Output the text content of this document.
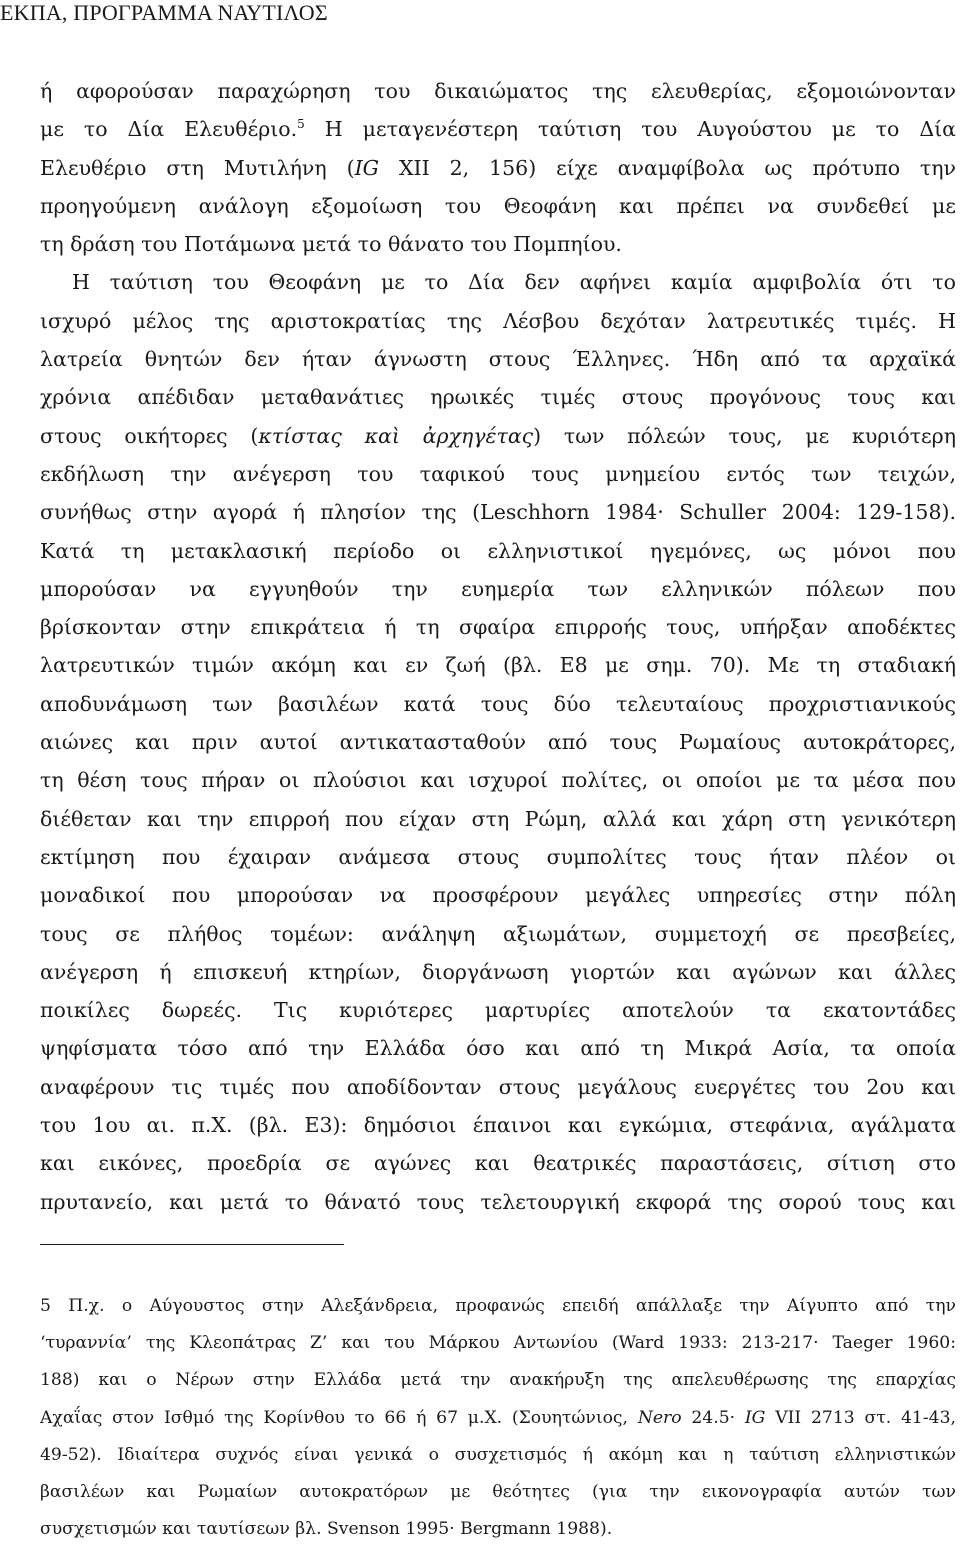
ΕΚΠΑ, ΠΡΟΓΡΑΜΜΑ ΝΑΥΤΙΛΟΣ
ή αφορούσαν παραχώρηση του δικαιώματος της ελευθερίας, εξομοιώνονταν
με το Δία Ελευθέριο.$^5$ Η μεταγενέστερη ταύτιση του Αυγούστου με το Δία
Ελευθέριο στη Μυτιλήνη (IG XII 2, 156) είχε αναμφίβολα ως πρότυπο την
προηγούμενη ανάλογη εξομοίωση του Θεοφάνη και πρέπει να συνδεθεί με
τη δράση του Ποτάμωνα μετά το θάνατο του Πομπηίου.
Η ταύτιση του Θεοφάνη με το Δία δεν αφήνει καμία αμφιβολία ότι το
ισχυρό μέλος της αριστοκρατίας της Λέσβου δεχόταν λατρευτικές τιμές. Η
λατρεία θνητών δεν ήταν άγνωστη στους Έλληνες. Ήδη από τα αρχαϊκά
χρόνια απέδιδαν μεταθανάτιες ηρωικές τιμές στους προγόνους τους και
στους οικήτορες (κτίστας καὶ ἀρχηγέτας) των πόλεών τους, με κυριότερη
εκδήλωση την ανέγερση του ταφικού τους μνημείου εντός των τειχών,
συνήθως στην αγορά ή πλησίον της (Leschhorn 1984· Schuller 2004: 129-158).
Κατά τη μετακλασική περίοδο οι ελληνιστικοί ηγεμόνες, ως μόνοι που
μπορούσαν να εγγυηθούν την ευημερία των ελληνικών πόλεων που
βρίσκονταν στην επικράτεια ή τη σφαίρα επιρροής τους, υπήρξαν αποδέκτες
λατρευτικών τιμών ακόμη και εν ζωή (βλ. Ε8 με σημ. 70). Με τη σταδιακή
αποδυνάμωση των βασιλέων κατά τους δύο τελευταίους προχριστιανικούς
αιώνες και πριν αυτοί αντικατασταθούν από τους Ρωμαίους αυτοκράτορες,
τη θέση τους πήραν οι πλούσιοι και ισχυροί πολίτες, οι οποίοι με τα μέσα που
διέθεταν και την επιρροή που είχαν στη Ρώμη, αλλά και χάρη στη γενικότερη
εκτίμηση που έχαιραν ανάμεσα στους συμπολίτες τους ήταν πλέον οι
μοναδικοί που μπορούσαν να προσφέρουν μεγάλες υπηρεσίες στην πόλη
τους σε πλήθος τομέων: ανάληψη αξιωμάτων, συμμετοχή σε πρεσβείες,
ανέγερση ή επισκευή κτηρίων, διοργάνωση γιορτών και αγώνων και άλλες
ποικίλες δωρεές. Τις κυριότερες μαρτυρίες αποτελούν τα εκατοντάδες
ψηφίσματα τόσο από την Ελλάδα όσο και από τη Μικρά Ασία, τα οποία
αναφέρουν τις τιμές που αποδίδονταν στους μεγάλους ευεργέτες του 2ου και
του 1ου αι. π.Χ. (βλ. Ε3): δημόσιοι έπαινοι και εγκώμια, στεφάνια, αγάλματα
και εικόνες, προεδρία σε αγώνες και θεατρικές παραστάσεις, σίτιση στο
πρυτανείο, και μετά το θάνατό τους τελετουργική εκφορά της σορού τους και
5 Π.χ. ο Αύγουστος στην Αλεξάνδρεια, προφανώς επειδή απάλλαξε την Αίγυπτο από την
‘τυραννία’ της Κλεοπάτρας Ζ’ και του Μάρκου Αντωνίου (Ward 1933: 213-217· Taeger 1960:
188) και ο Νέρων στην Ελλάδα μετά την ανακήρυξη της απελευθέρωσης της επαρχίας
Αχαΐας στον Ισθμό της Κορίνθου το 66 ή 67 μ.Χ. (Σουητώνιος, Nero 24.5· IG VII 2713 στ. 41-43,
49-52). Ιδιαίτερα συχνός είναι γενικά ο συσχετισμός ή ακόμη και η ταύτιση ελληνιστικών
βασιλέων και Ρωμαίων αυτοκρατόρων με θεότητες (για την εικονογραφία αυτών των
συσχετισμών και ταυτίσεων βλ. Svenson 1995· Bergmann 1988).
